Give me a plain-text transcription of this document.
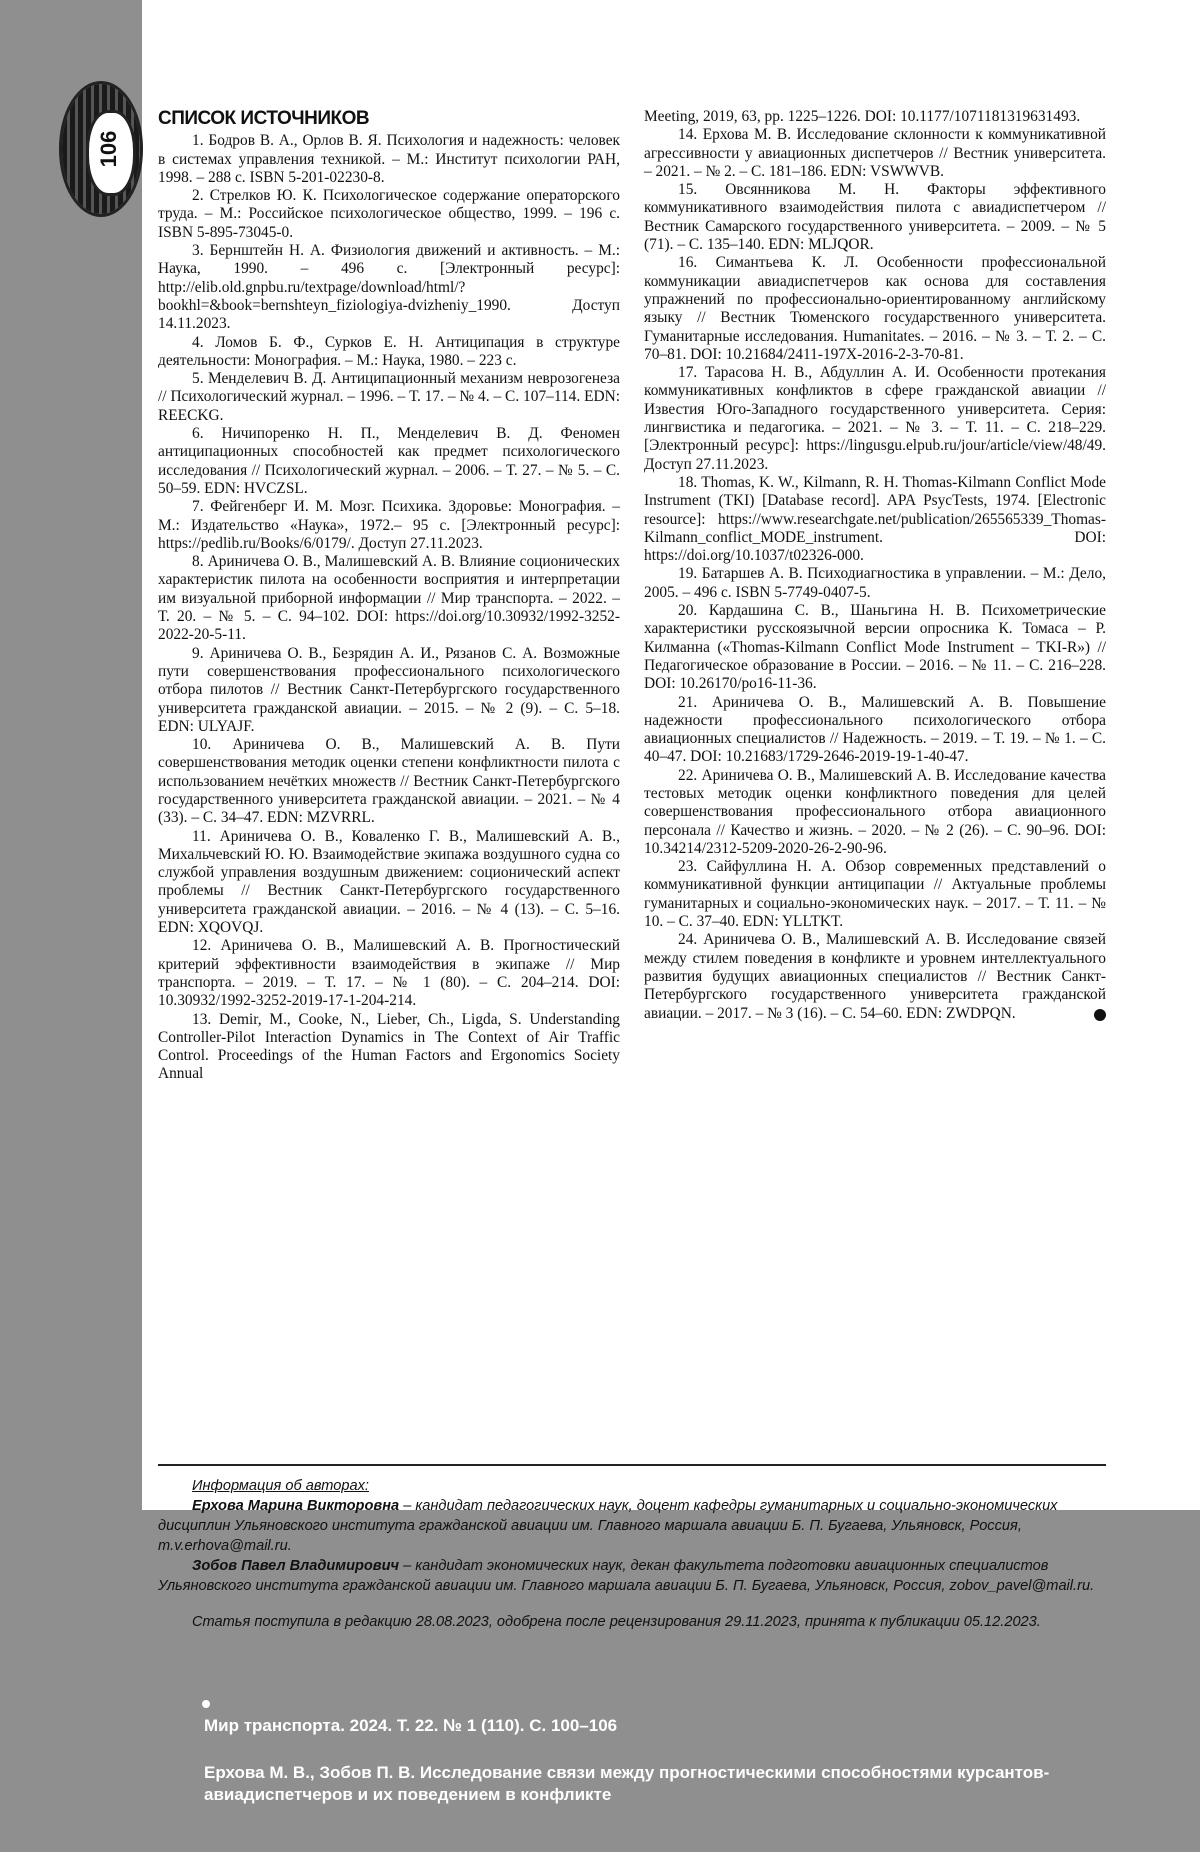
106
СПИСОК ИСТОЧНИКОВ

1. Бодров В. А., Орлов В. Я. Психология и надежность: человек в системах управления техникой. – М.: Институт психологии РАН, 1998. – 288 с. ISBN 5-201-02230-8.

2. Стрелков Ю. К. Психологическое содержание операторского труда. – М.: Российское психологическое общество, 1999. – 196 с. ISBN 5-895-73045-0.

3. Бернштейн Н. А. Физиология движений и активность. – М.: Наука, 1990. – 496 с. [Электронный ресурс]: http://elib.old.gnpbu.ru/textpage/download/html/?bookhl=&book=bernshteyn_fiziologiya-dvizheniy_1990. Доступ 14.11.2023.

4. Ломов Б. Ф., Сурков Е. Н. Антиципация в структуре деятельности: Монография. – М.: Наука, 1980. – 223 с.

5. Менделевич В. Д. Антиципационный механизм неврозогенеза // Психологический журнал. – 1996. – Т. 17. – № 4. – С. 107–114. EDN: REECKG.

6. Ничипоренко Н. П., Менделевич В. Д. Феномен антиципационных способностей как предмет психологического исследования // Психологический журнал. – 2006. – Т. 27. – № 5. – С. 50–59. EDN: HVCZSL.

7. Фейгенберг И. М. Мозг. Психика. Здоровье: Монография. – М.: Издательство «Наука», 1972.– 95 с. [Электронный ресурс]: https://pedlib.ru/Books/6/0179/. Доступ 27.11.2023.

8. Ариничева О. В., Малишевский А. В. Влияние соционических характеристик пилота на особенности восприятия и интерпретации им визуальной приборной информации // Мир транспорта. – 2022. – Т. 20. – № 5. – С. 94–102. DOI: https://doi.org/10.30932/1992-3252-2022-20-5-11.

9. Ариничева О. В., Безрядин А. И., Рязанов С. А. Возможные пути совершенствования профессионального психологического отбора пилотов // Вестник Санкт-Петербургского государственного университета гражданской авиации. – 2015. – № 2 (9). – С. 5–18. EDN: ULYAJF.

10. Ариничева О. В., Малишевский А. В. Пути совершенствования методик оценки степени конфликтности пилота с использованием нечётких множеств // Вестник Санкт-Петербургского государственного университета гражданской авиации. – 2021. – № 4 (33). – С. 34–47. EDN: MZVRRL.

11. Ариничева О. В., Коваленко Г. В., Малишевский А. В., Михальчевский Ю. Ю. Взаимодействие экипажа воздушного судна со службой управления воздушным движением: соционический аспект проблемы // Вестник Санкт-Петербургского государственного университета гражданской авиации. – 2016. – № 4 (13). – С. 5–16. EDN: XQOVQJ.

12. Ариничева О. В., Малишевский А. В. Прогностический критерий эффективности взаимодействия в экипаже // Мир транспорта. – 2019. – Т. 17. – № 1 (80). – С. 204–214. DOI: 10.30932/1992-3252-2019-17-1-204-214.

13. Demir, M., Cooke, N., Lieber, Ch., Ligda, S. Understanding Controller-Pilot Interaction Dynamics in The Context of Air Traffic Control. Proceedings of the Human Factors and Ergonomics Society Annual

Meeting, 2019, 63, pp. 1225–1226. DOI: 10.1177/1071181319631493.

14. Ерхова М. В. Исследование склонности к коммуникативной агрессивности у авиационных диспетчеров // Вестник университета. – 2021. – № 2. – С. 181–186. EDN: VSWWVB.

15. Овсянникова М. Н. Факторы эффективного коммуникативного взаимодействия пилота с авиадиспетчером // Вестник Самарского государственного университета. – 2009. – № 5 (71). – С. 135–140. EDN: MLJQOR.

16. Симантьева К. Л. Особенности профессиональной коммуникации авиадиспетчеров как основа для составления упражнений по профессионально-ориентированному английскому языку // Вестник Тюменского государственного университета. Гуманитарные исследования. Humanitates. – 2016. – № 3. – Т. 2. – С. 70–81. DOI: 10.21684/2411-197X-2016-2-3-70-81.

17. Тарасова Н. В., Абдуллин А. И. Особенности протекания коммуникативных конфликтов в сфере гражданской авиации // Известия Юго-Западного государственного университета. Серия: лингвистика и педагогика. – 2021. – № 3. – Т. 11. – С. 218–229. [Электронный ресурс]: https://lingusgu.elpub.ru/jour/article/view/48/49. Доступ 27.11.2023.

18. Thomas, K. W., Kilmann, R. H. Thomas-Kilmann Conflict Mode Instrument (TKI) [Database record]. APA PsycTests, 1974. [Electronic resource]: https://www.researchgate.net/publication/265565339_Thomas-Kilmann_conflict_MODE_instrument. DOI: https://doi.org/10.1037/t02326-000.

19. Батаршев А. В. Психодиагностика в управлении. – М.: Дело, 2005. – 496 с. ISBN 5-7749-0407-5.

20. Кардашина С. В., Шаньгина Н. В. Психометрические характеристики русскоязычной версии опросника К. Томаса – Р. Килманна («Thomas-Kilmann Conflict Mode Instrument – TKI-R») // Педагогическое образование в России. – 2016. – № 11. – С. 216–228. DOI: 10.26170/po16-11-36.

21. Ариничева О. В., Малишевский А. В. Повышение надежности профессионального психологического отбора авиационных специалистов // Надежность. – 2019. – Т. 19. – № 1. – С. 40–47. DOI: 10.21683/1729-2646-2019-19-1-40-47.

22. Ариничева О. В., Малишевский А. В. Исследование качества тестовых методик оценки конфликтного поведения для целей совершенствования профессионального отбора авиационного персонала // Качество и жизнь. – 2020. – № 2 (26). – С. 90–96. DOI: 10.34214/2312-5209-2020-26-2-90-96.

23. Сайфуллина Н. А. Обзор современных представлений о коммуникативной функции антиципации // Актуальные проблемы гуманитарных и социально-экономических наук. – 2017. – Т. 11. – № 10. – С. 37–40. EDN: YLLTKT.

24. Ариничева О. В., Малишевский А. В. Исследование связей между стилем поведения в конфликте и уровнем интеллектуального развития будущих авиационных специалистов // Вестник Санкт-Петербургского государственного университета гражданской авиации. – 2017. – № 3 (16). – С. 54–60. EDN: ZWDPQN.

Информация об авторах:

Ерхова Марина Викторовна – кандидат педагогических наук, доцент кафедры гуманитарных и социально-экономических дисциплин Ульяновского института гражданской авиации им. Главного маршала авиации Б. П. Бугаева, Ульяновск, Россия, m.v.erhova@mail.ru.

Зобов Павел Владимирович – кандидат экономических наук, декан факультета подготовки авиационных специалистов Ульяновского института гражданской авиации им. Главного маршала авиации Б. П. Бугаева, Ульяновск, Россия, zobov_pavel@mail.ru.

Статья поступила в редакцию 28.08.2023, одобрена после рецензирования 29.11.2023, принята к публикации 05.12.2023.

Мир транспорта. 2024. Т. 22. № 1 (110). С. 100–106
Ерхова М. В., Зобов П. В. Исследование связи между прогностическими способностями курсантов-авиадиспетчеров и их поведением в конфликте
